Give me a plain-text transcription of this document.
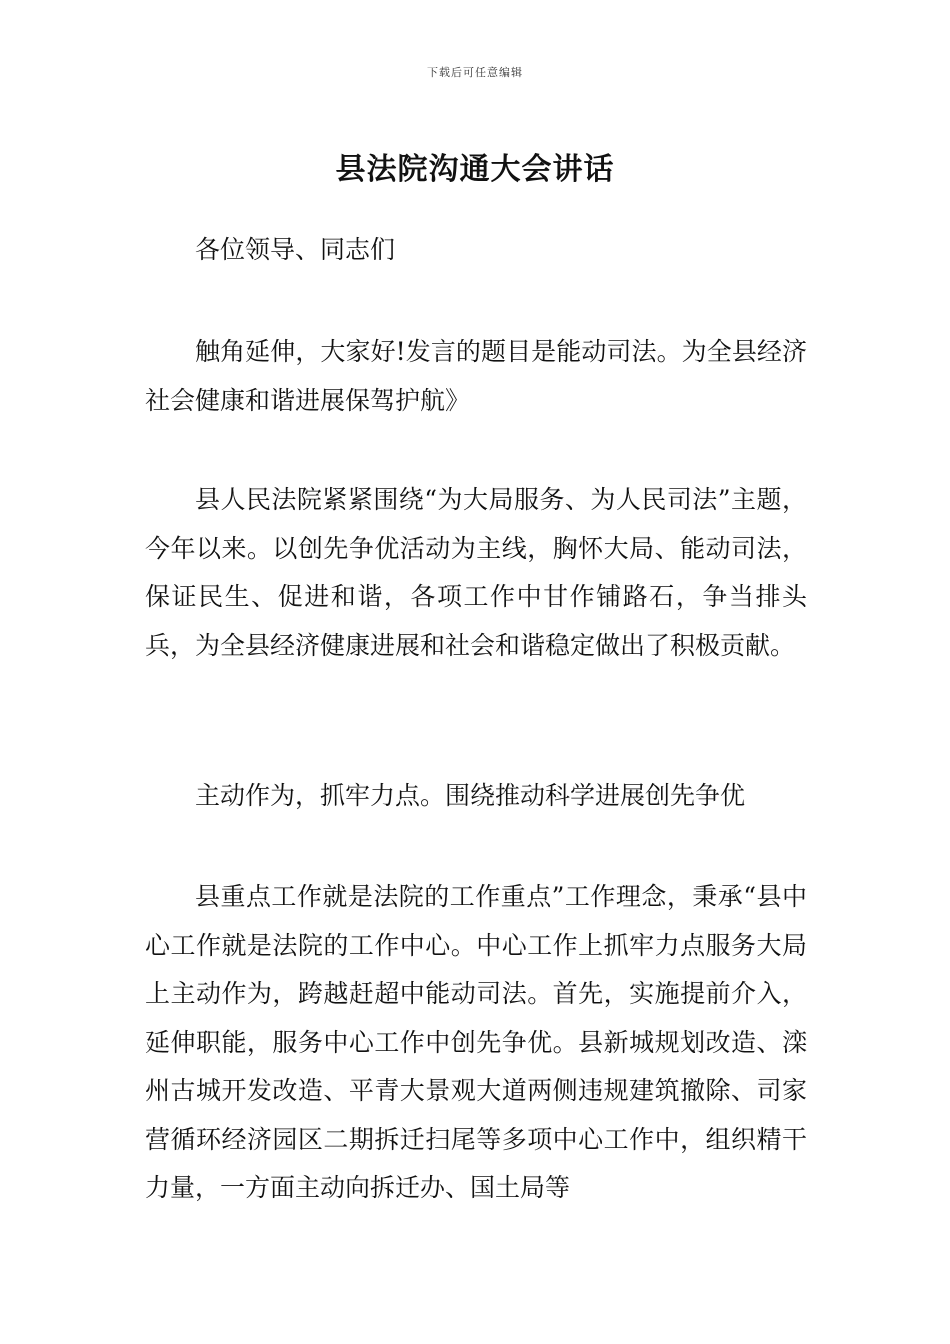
下载后可任意编辑
县法院沟通大会讲话

各位领导、同志们

触角延伸，大家好!发言的题目是能动司法。为全县经济社会健康和谐进展保驾护航》

县人民法院紧紧围绕“为大局服务、为人民司法”主题，今年以来。以创先争优活动为主线，胸怀大局、能动司法，保证民生、促进和谐，各项工作中甘作铺路石，争当排头兵，为全县经济健康进展和社会和谐稳定做出了积极贡献。

主动作为，抓牢力点。围绕推动科学进展创先争优

县重点工作就是法院的工作重点”工作理念，秉承“县中心工作就是法院的工作中心。中心工作上抓牢力点服务大局上主动作为，跨越赶超中能动司法。首先，实施提前介入，延伸职能，服务中心工作中创先争优。县新城规划改造、滦州古城开发改造、平青大景观大道两侧违规建筑撤除、司家营循环经济园区二期拆迁扫尾等多项中心工作中，组织精干力量，一方面主动向拆迁办、国土局等
